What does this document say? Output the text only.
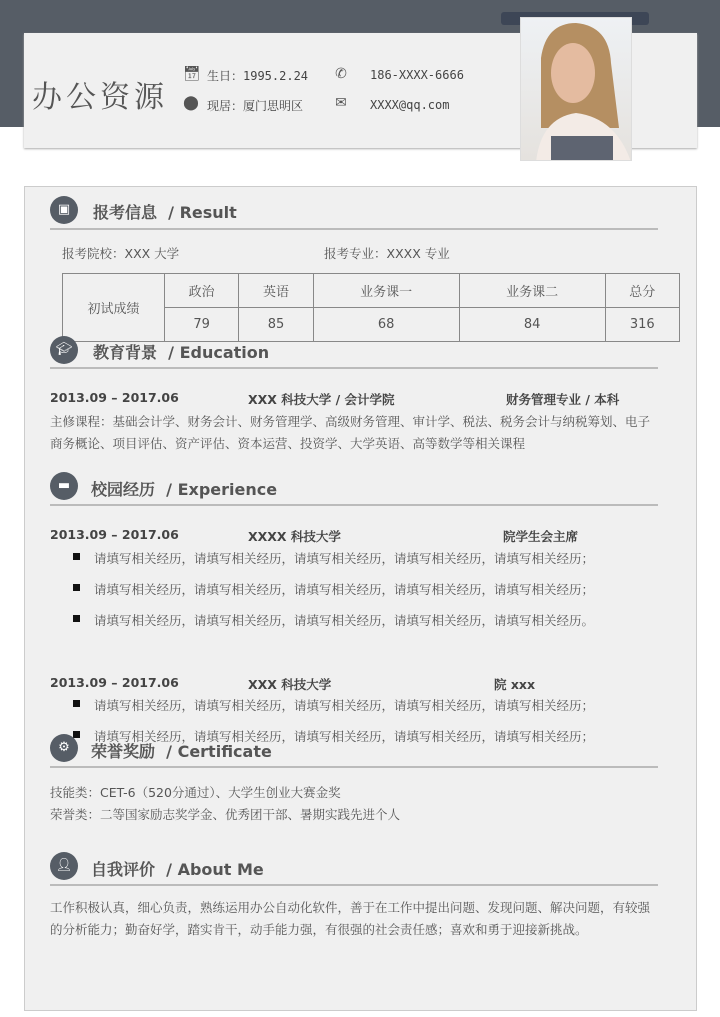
办公资源
📅︎ 生日：1995.2.24
⬤ 现居：厦门思明区
✆ 186-XXXX-6666
✉ XXXX@qq.com
▣	报考信息 / Result
报考院校：XXX 大学	报考专业：XXXX 专业
初试成绩	政治	英语	业务课一	业务课二	总分
	79	85	68	84	316
🎓︎	教育背景 / Education
2013.09 – 2017.06	XXX 科技大学 / 会计学院	财务管理专业 / 本科
主修课程：基础会计学、财务会计、财务管理学、高级财务管理、审计学、税法、税务会计与纳税筹划、电子
商务概论、项目评估、资产评估、资本运营、投资学、大学英语、高等数学等相关课程
▬	校园经历 / Experience
2013.09 – 2017.06	XXXX 科技大学	院学生会主席
请填写相关经历，请填写相关经历，请填写相关经历，请填写相关经历，请填写相关经历；
请填写相关经历，请填写相关经历，请填写相关经历，请填写相关经历，请填写相关经历；
请填写相关经历，请填写相关经历，请填写相关经历，请填写相关经历，请填写相关经历。
2013.09 – 2017.06	XXX 科技大学	院 xxx
请填写相关经历，请填写相关经历，请填写相关经历，请填写相关经历，请填写相关经历；
请填写相关经历，请填写相关经历，请填写相关经历，请填写相关经历，请填写相关经历；
⚙	荣誉奖励 / Certificate
技能类：CET-6（520分通过）、大学生创业大赛金奖
荣誉类：二等国家励志奖学金、优秀团干部、暑期实践先进个人
👤︎	自我评价 / About Me
工作积极认真，细心负责，熟练运用办公自动化软件，善于在工作中提出问题、发现问题、解决问题，有较强
的分析能力；勤奋好学，踏实肯干，动手能力强，有很强的社会责任感；喜欢和勇于迎接新挑战。
